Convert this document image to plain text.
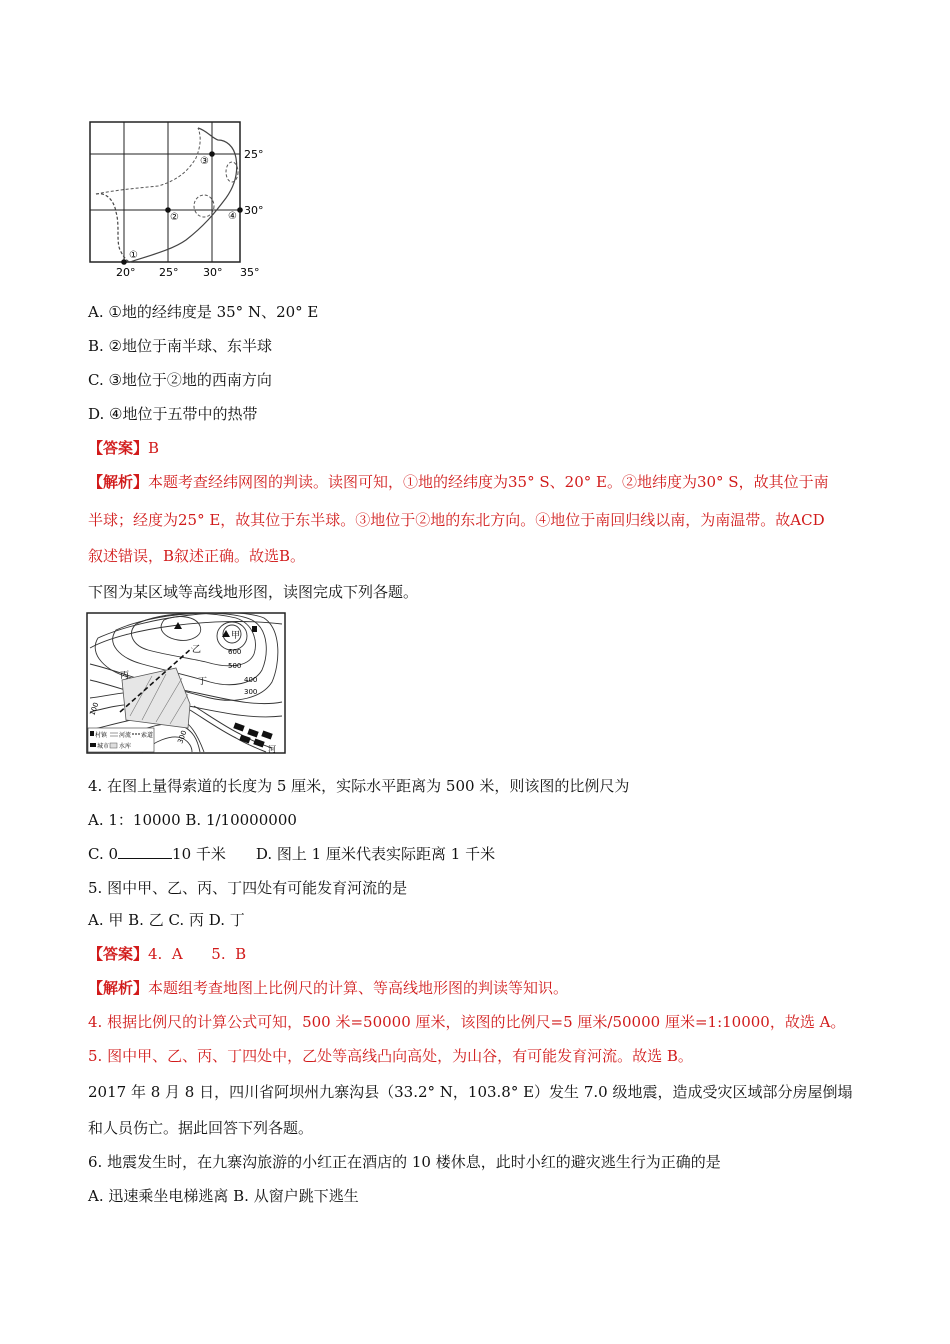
①
②
③
④
25°
30°
20° 25° 30° 35°
A. ①地的经纬度是 35° N、20° E
B. ②地位于南半球、东半球
C. ③地位于②地的西南方向
D. ④地位于五带中的热带
【答案】B
【解析】本题考查经纬网图的判读。读图可知，①地的经纬度为35° S、20° E。②地纬度为30° S，故其位于南
半球；经度为25° E，故其位于东半球。③地位于②地的东北方向。④地位于南回归线以南，为南温带。故ACD
叙述错误，B叙述正确。故选B。
下图为某区域等高线地形图，读图完成下列各题。
甲
乙
丙
丁
河
600
500
400
300
300
100
村镇 河流 索道
城市 水库
4. 在图上量得索道的长度为 5 厘米，实际水平距离为 500 米，则该图的比例尺为
A. 1：10000 B. 1/10000000
C. 0	10 千米 D. 图上 1 厘米代表实际距离 1 千米
5. 图中甲、乙、丙、丁四处有可能发育河流的是
A. 甲 B. 乙 C. 丙 D. 丁
【答案】4.  A      5.  B
【解析】本题组考查地图上比例尺的计算、等高线地形图的判读等知识。
4. 根据比例尺的计算公式可知，500 米=50000 厘米，该图的比例尺=5 厘米/50000 厘米=1:10000，故选 A。
5. 图中甲、乙、丙、丁四处中，乙处等高线凸向高处，为山谷，有可能发育河流。故选 B。
2017 年 8 月 8 日，四川省阿坝州九寨沟县（33.2° N，103.8° E）发生 7.0 级地震，造成受灾区域部分房屋倒塌
和人员伤亡。据此回答下列各题。
6. 地震发生时，在九寨沟旅游的小红正在酒店的 10 楼休息，此时小红的避灾逃生行为正确的是
A. 迅速乘坐电梯逃离 B. 从窗户跳下逃生
